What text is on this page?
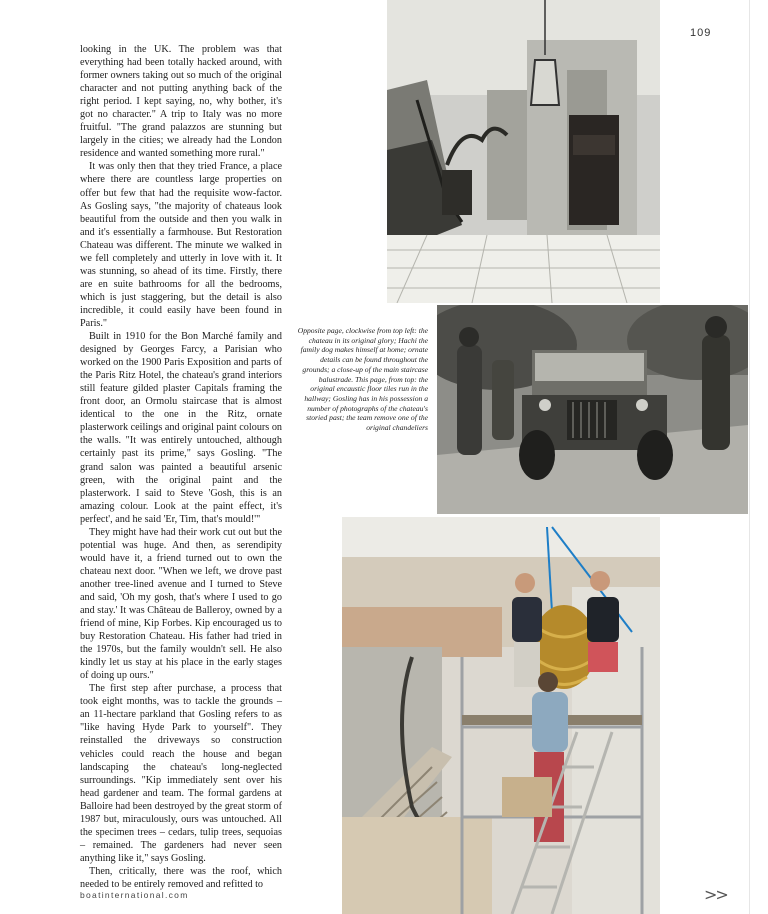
109

looking in the UK. The problem was that everything had been totally hacked around, with former owners taking out so much of the original character and not putting anything back of the right period. I kept saying, no, why bother, it's got no character." A trip to Italy was no more fruitful. "The grand palazzos are stunning but largely in the cities; we already had the London residence and wanted something more rural."

It was only then that they tried France, a place where there are countless large properties on offer but few that had the requisite wow-factor. As Gosling says, "the majority of chateaus look beautiful from the outside and then you walk in and it's essentially a farmhouse. But Restoration Chateau was different. The minute we walked in we fell completely and utterly in love with it. It was stunning, so ahead of its time. Firstly, there are en suite bathrooms for all the bedrooms, which is just staggering, but the detail is also incredible, it could easily have been found in Paris."

Built in 1910 for the Bon Marché family and designed by Georges Farcy, a Parisian who worked on the 1900 Paris Exposition and parts of the Paris Ritz Hotel, the chateau's grand interiors still feature gilded plaster Capitals framing the front door, an Ormolu staircase that is almost identical to the one in the Ritz, ornate plasterwork ceilings and original paint colours on the walls. "It was entirely untouched, although certainly past its prime," says Gosling. "The grand salon was painted a beautiful arsenic green, with the original paint and the plasterwork. I said to Steve 'Gosh, this is an amazing colour. Look at the paint effect, it's perfect', and he said 'Er, Tim, that's mould!'"

They might have had their work cut out but the potential was huge. And then, as serendipity would have it, a friend turned out to own the chateau next door. "When we left, we drove past another tree-lined avenue and I turned to Steve and said, 'Oh my gosh, that's where I used to go and stay.' It was Château de Balleroy, owned by a friend of mine, Kip Forbes. Kip encouraged us to buy Restoration Chateau. His father had tried in the 1970s, but the family wouldn't sell. He also kindly let us stay at his place in the early stages of doing up ours."

The first step after purchase, a process that took eight months, was to tackle the grounds – an 11-hectare parkland that Gosling refers to as "like having Hyde Park to yourself". They reinstalled the driveways so construction vehicles could reach the house and began landscaping the chateau's long-neglected surroundings. "Kip immediately sent over his head gardener and team. The formal gardens at Balloire had been destroyed by the great storm of 1987 but, miraculously, ours was untouched. All the specimen trees – cedars, tulip trees, sequoias – remained. The gardeners had never seen anything like it," says Gosling.

Then, critically, there was the roof, which needed to be entirely removed and refitted to

Opposite page, clockwise from top left: the chateau in its original glory; Hachi the family dog makes himself at home; ornate details can be found throughout the grounds; a close-up of the main staircase balustrade. This page, from top: the original encaustic floor tiles run in the hallway; Gosling has in his possession a number of photographs of the chateau's storied past; the team remove one of the original chandeliers
boatinternational.com	>>
